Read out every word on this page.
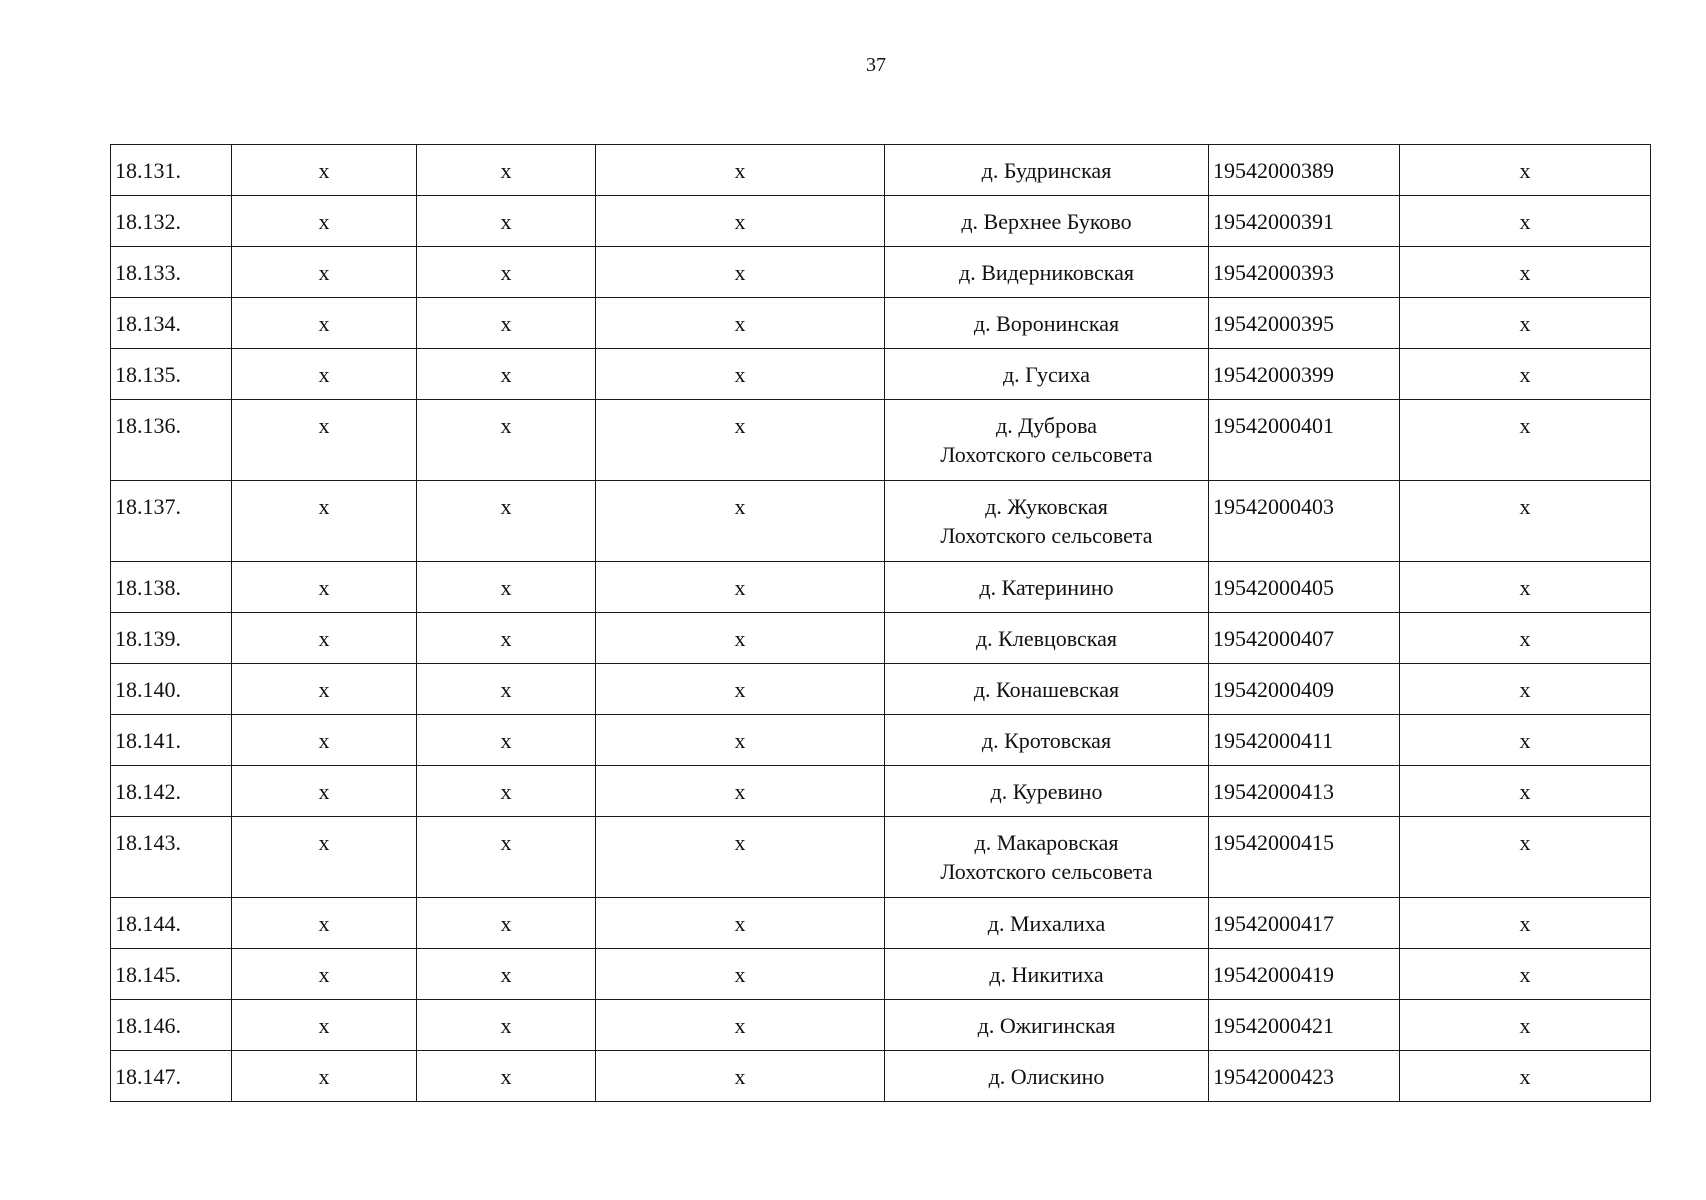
37
18.131.	x	x	x	д. Будринская	19542000389	x
18.132.	x	x	x	д. Верхнее Буково	19542000391	x
18.133.	x	x	x	д. Видерниковская	19542000393	x
18.134.	x	x	x	д. Воронинская	19542000395	x
18.135.	x	x	x	д. Гусиха	19542000399	x
18.136.	x	x	x	д. Дуброва
Лохотского сельсовета	19542000401	x
18.137.	x	x	x	д. Жуковская
Лохотского сельсовета	19542000403	x
18.138.	x	x	x	д. Катеринино	19542000405	x
18.139.	x	x	x	д. Клевцовская	19542000407	x
18.140.	x	x	x	д. Конашевская	19542000409	x
18.141.	x	x	x	д. Кротовская	19542000411	x
18.142.	x	x	x	д. Куревино	19542000413	x
18.143.	x	x	x	д. Макаровская
Лохотского сельсовета	19542000415	x
18.144.	x	x	x	д. Михалиха	19542000417	x
18.145.	x	x	x	д. Никитиха	19542000419	x
18.146.	x	x	x	д. Ожигинская	19542000421	x
18.147.	x	x	x	д. Олискино	19542000423	x
